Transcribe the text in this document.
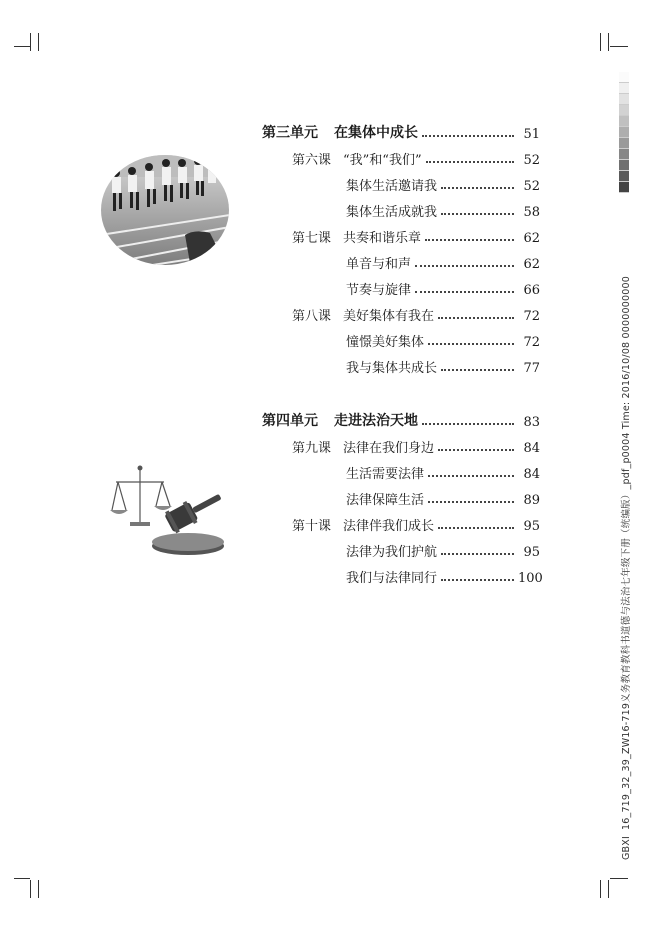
GBXI16_719_32_39_ZW16-719义务教育教科书道德与法治七年级下册（统编版）_pdf_p0004 Time: 2016/10/08 0000000000
第三单元 在集体中成长	51
第六课 “我”和“我们”	52
集体生活邀请我	52
集体生活成就我	58
第七课 共奏和谐乐章	62
单音与和声	62
节奏与旋律	66
第八课 美好集体有我在	72
憧憬美好集体	72
我与集体共成长	77
第四单元 走进法治天地	83
第九课 法律在我们身边	84
生活需要法律	84
法律保障生活	89
第十课 法律伴我们成长	95
法律为我们护航	95
我们与法律同行	100
